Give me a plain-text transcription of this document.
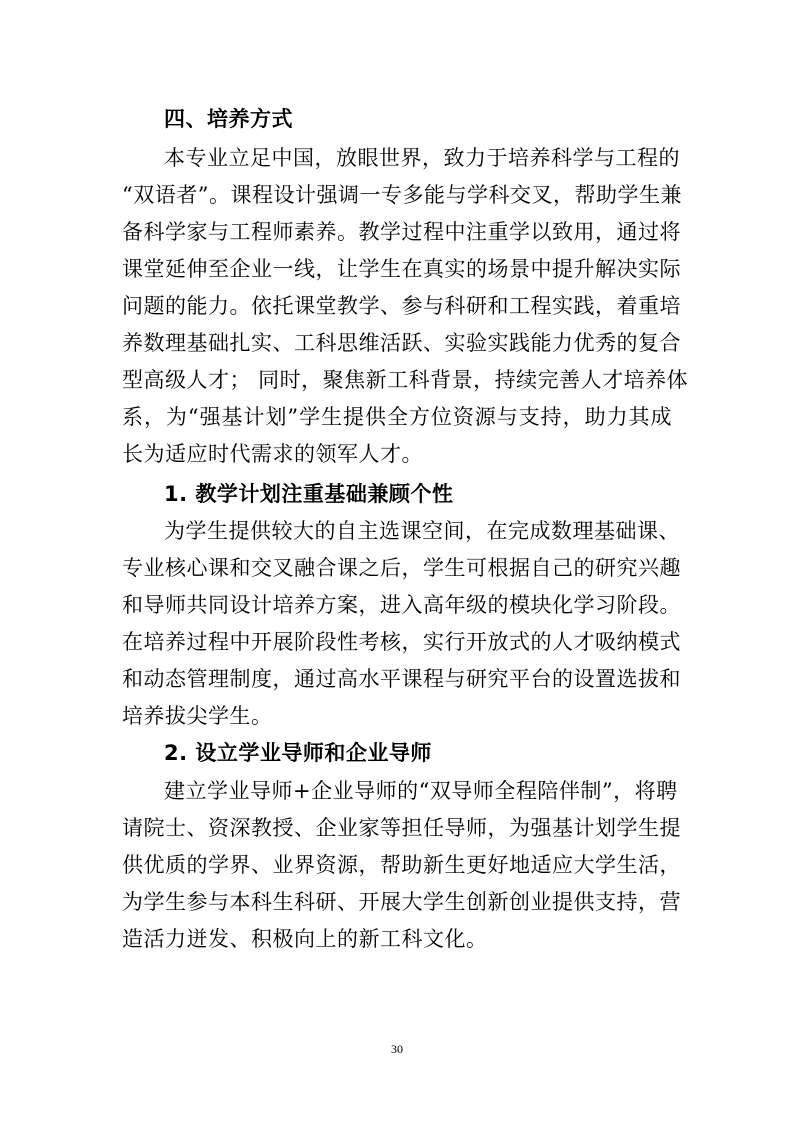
四、培养方式
本专业立足中国，放眼世界，致力于培养科学与工程的
“双语者”。课程设计强调一专多能与学科交叉，帮助学生兼
备科学家与工程师素养。教学过程中注重学以致用，通过将
课堂延伸至企业一线，让学生在真实的场景中提升解决实际
问题的能力。依托课堂教学、参与科研和工程实践，着重培
养数理基础扎实、工科思维活跃、实验实践能力优秀的复合
型高级人才； 同时，聚焦新工科背景，持续完善人才培养体
系，为“强基计划”学生提供全方位资源与支持，助力其成
长为适应时代需求的领军人才。
1. 教学计划注重基础兼顾个性
为学生提供较大的自主选课空间，在完成数理基础课、
专业核心课和交叉融合课之后，学生可根据自己的研究兴趣
和导师共同设计培养方案，进入高年级的模块化学习阶段。
在培养过程中开展阶段性考核，实行开放式的人才吸纳模式
和动态管理制度，通过高水平课程与研究平台的设置选拔和
培养拔尖学生。
2. 设立学业导师和企业导师
建立学业导师+企业导师的“双导师全程陪伴制”，将聘
请院士、资深教授、企业家等担任导师，为强基计划学生提
供优质的学界、业界资源，帮助新生更好地适应大学生活，
为学生参与本科生科研、开展大学生创新创业提供支持，营
造活力迸发、积极向上的新工科文化。
30
